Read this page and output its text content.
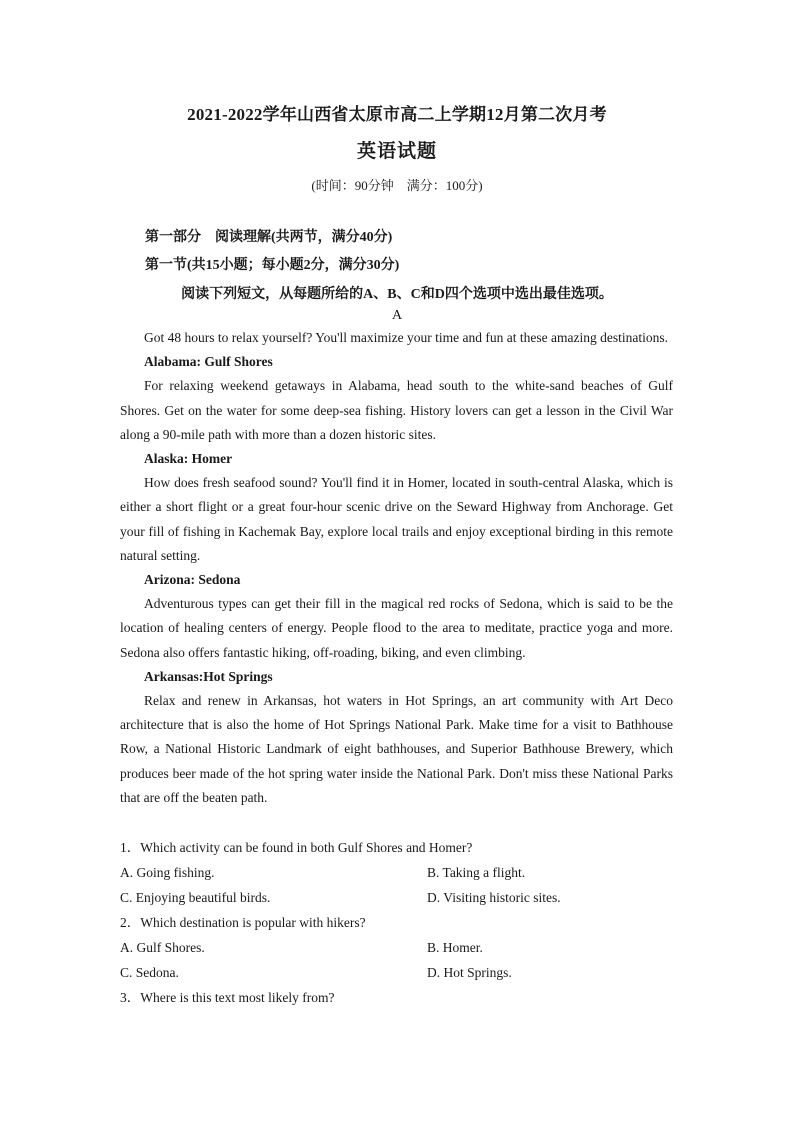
2021-2022学年山西省太原市高二上学期12月第二次月考
英语试题
(时间：90分钟　满分：100分)
第一部分　阅读理解(共两节，满分40分)
第一节(共15小题；每小题2分，满分30分)
阅读下列短文，从每题所给的A、B、C和D四个选项中选出最佳选项。
A

Got 48 hours to relax yourself? You'll maximize your time and fun at these amazing destinations.

Alabama: Gulf Shores

For relaxing weekend getaways in Alabama, head south to the white-sand beaches of Gulf Shores. Get on the water for some deep-sea fishing. History lovers can get a lesson in the Civil War along a 90-mile path with more than a dozen historic sites.

Alaska: Homer

How does fresh seafood sound? You'll find it in Homer, located in south-central Alaska, which is either a short flight or a great four-hour scenic drive on the Seward Highway from Anchorage. Get your fill of fishing in Kachemak Bay, explore local trails and enjoy exceptional birding in this remote natural setting.

Arizona: Sedona

Adventurous types can get their fill in the magical red rocks of Sedona, which is said to be the location of healing centers of energy. People flood to the area to meditate, practice yoga and more. Sedona also offers fantastic hiking, off-roading, biking, and even climbing.

Arkansas:Hot Springs

Relax and renew in Arkansas, hot waters in Hot Springs, an art community with Art Deco architecture that is also the home of Hot Springs National Park. Make time for a visit to Bathhouse Row, a National Historic Landmark of eight bathhouses, and Superior Bathhouse Brewery, which produces beer made of the hot spring water inside the National Park. Don't miss these National Parks that are off the beaten path.

1．Which activity can be found in both Gulf Shores and Homer?
A. Going fishing.	B. Taking a flight.
C. Enjoying beautiful birds.	D. Visiting historic sites.
2．Which destination is popular with hikers?
A. Gulf Shores.	B. Homer.
C. Sedona.	D. Hot Springs.
3．Where is this text most likely from?
